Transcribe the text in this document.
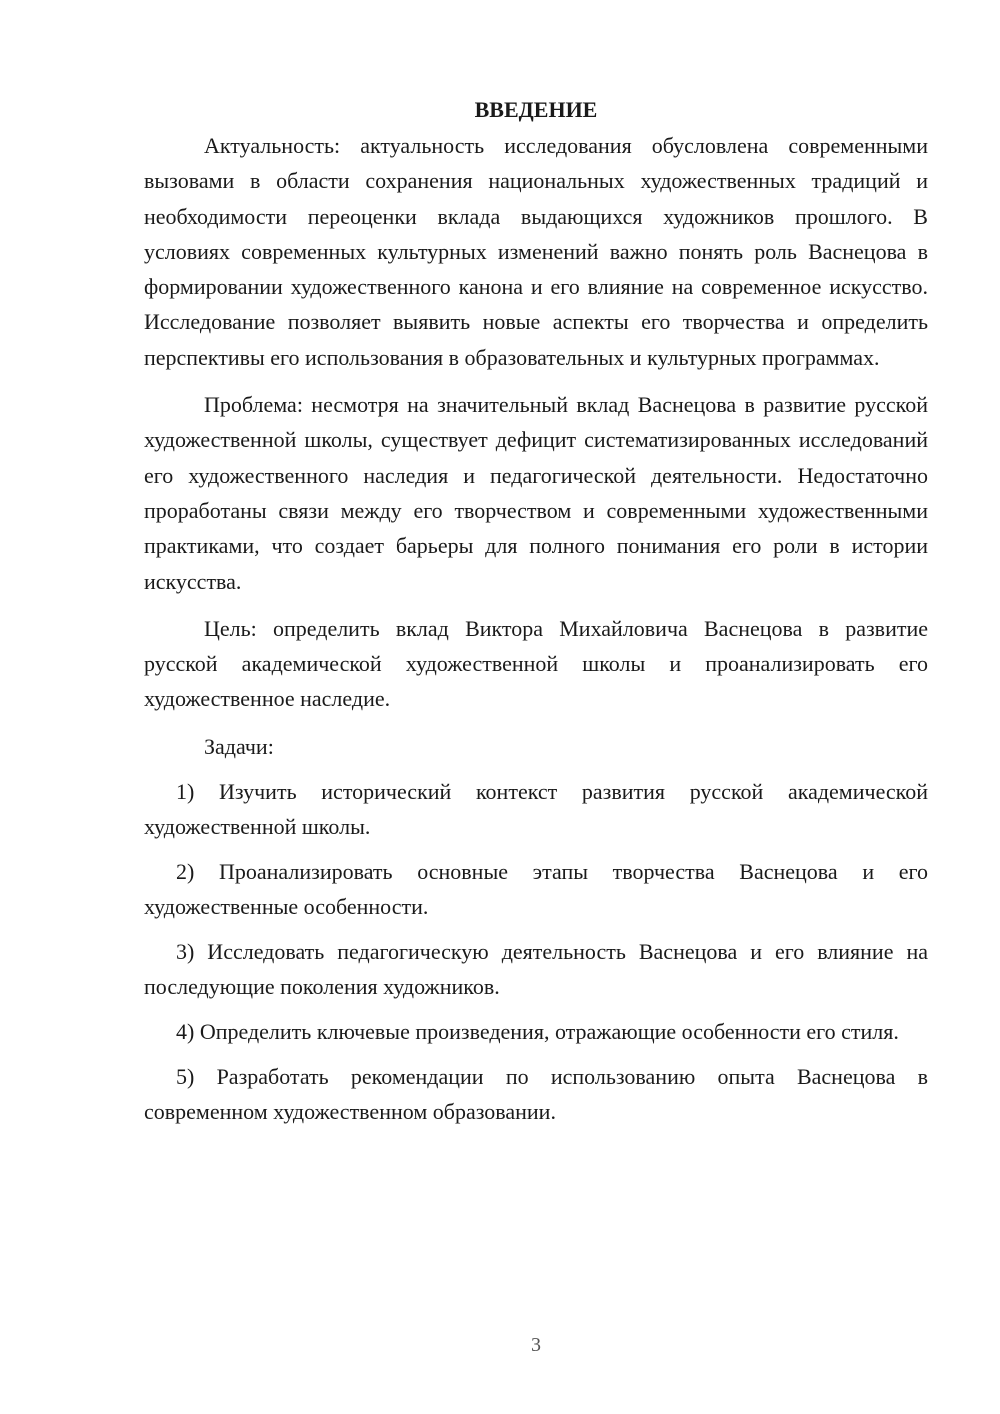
ВВЕДЕНИЕ

Актуальность: актуальность исследования обусловлена современными вызовами в области сохранения национальных художественных традиций и необходимости переоценки вклада выдающихся художников прошлого. В условиях современных культурных изменений важно понять роль Васнецова в формировании художественного канона и его влияние на современное искусство. Исследование позволяет выявить новые аспекты его творчества и определить перспективы его использования в образовательных и культурных программах.

Проблема: несмотря на значительный вклад Васнецова в развитие русской художественной школы, существует дефицит систематизированных исследований его художественного наследия и педагогической деятельности. Недостаточно проработаны связи между его творчеством и современными художественными практиками, что создает барьеры для полного понимания его роли в истории искусства.

Цель: определить вклад Виктора Михайловича Васнецова в развитие русской академической художественной школы и проанализировать его художественное наследие.

Задачи:

1) Изучить исторический контекст развития русской академической художественной школы.

2) Проанализировать основные этапы творчества Васнецова и его художественные особенности.

3) Исследовать педагогическую деятельность Васнецова и его влияние на последующие поколения художников.

4) Определить ключевые произведения, отражающие особенности его стиля.

5) Разработать рекомендации по использованию опыта Васнецова в современном художественном образовании.

3
